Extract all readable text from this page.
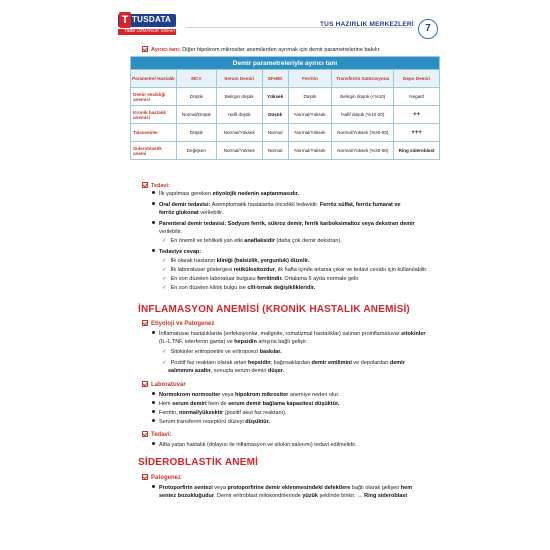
TUSDATA
T
TIBBİ UZMANLIK SINAVI
TUS HAZIRLIK MERKEZLERİ	7
Ayırıcı tanı: Diğer hipokrom mikrositer anemilerden ayrımak için demir parametrelerine bakılır.
Demir parametreleriyle ayırıcı tanı						
Parametre/ Hastalık	MCV	Serum Demiri	SFeBK	Ferritin	Transferrin Satürasyonu	Depo Demiri
Demir eksikliği anemisi	Düşük	Belirgin düşük	Yüksek	Düşük	Belirgin düşük (<%10)	Negatif
Kronik hastalık anemisi	Normal/Düşük	Hafif düşük	Düşük	Normal/Yüksek	Hafif düşük (%10-20)	++
Talasemiler	Düşük	Normal/Yüksek	Normal	Normal/Yüksek	Normal/Yüksek (%30-80)	+++
Sideroblastik anemi	Değişken	Normal/Yüksek	Normal	Normal/Yüksek	Normal/Yüksek (%30-80)	Ring sideroblast
Tedavi:
İlk yapılması gereken etiyolojik nedenin saptanmasıdır.
Oral demir tedavisi: Asemptomatik hastalarda öncelikli tedavidir. Ferröz sülfat, ferröz fumarat ve
ferröz glukonat verilebilir.
Parenteral demir tedavisi: Sodyum ferrik, sükroz demir, ferrik karboksimaltoz veya dekstran demir
verilebilir.
✓ En önemli ve tehlikeli yan etki anaflaksidir (daha çok demir dekstran).
Tedaviye cevap:
✓ İlk olarak hastanın kliniği (halsizlik, yorgunluk) düzelir.
✓ İlk laboratuvar göstergesi retikülositozdur, ilk hafta içinde artarsa çıkar ve tedavi cevabı için kullanılabilir.
✓ En son düzelen laboratuar bulgusu ferritindir. Ortalama 6 ayda normale gelir.
✓ En son düzelen klinik bulgu ise cilt-tırnak değişiklikleridir.
İNFLAMASYON ANEMİSİ (KRONİK HASTALIK ANEMİSİ)
Etiyoloji ve Patogenez
İnflamatuvar hastalıklarda (enfeksiyonlar, malignite, romatizmal hastalıklar) salınan proinflamatuvar sitokinler
(IL-1,TNF, interferon gama) ve hepsidin artışına bağlı gelişir.
✓ Sitokinler eritropoetini ve eritropoezi baskılar.
✓ Pozitif faz reaktanı olarak artan hepsidin; bağırsaklardan demir emilimini ve depolardan demir
salınımını azaltır, sonuçta serum demiri düşer.
Laboratuvar
Normokrom normositer veya hipokrom mikrositer anemiye neden olur.
Hem serum demiri hem de serum demir bağlama kapasitesi düşüktür.
Ferritin, normal/yüksektir (pozitif akut faz reaktanı).
Serum transferrin reseptörü düzeyi düşüktür.
Tedavi:
Altta yatan hastalık (dolayısı ile inflamasyon ve sitokin salınımı) tedavi edilmelidir.
SİDEROBLASTİK ANEMİ
Patogenez
Protoporfirin sentezi veya protoporfirine demir eklenmesindeki defektlere bağlı olarak gelişen hem
sentez bozukluğudur. Demir eritroblast mitokondrilerinde yüzük şeklinde birikir. → Ring sideroblast
